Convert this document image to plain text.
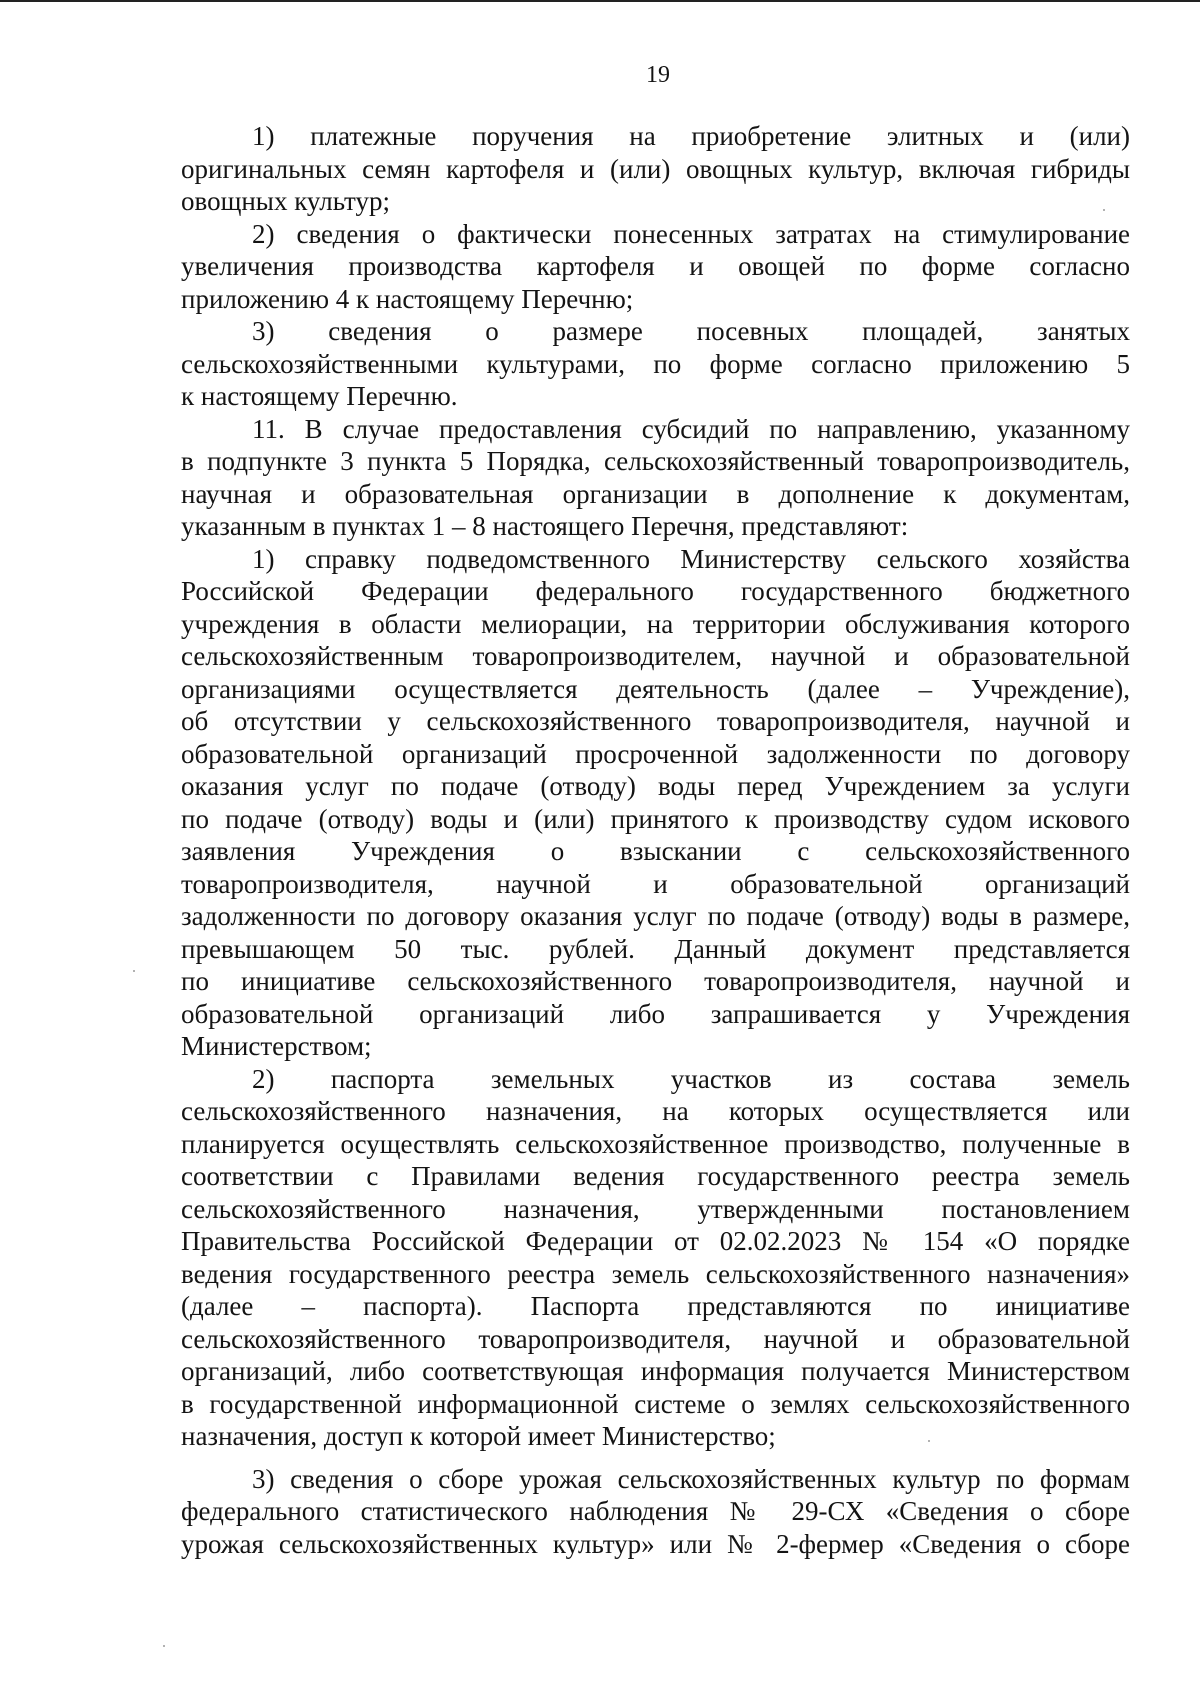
19
1) платежные поручения на приобретение элитных и (или)
оригинальных семян картофеля и (или) овощных культур, включая гибриды
овощных культур;
2) сведения о фактически понесенных затратах на стимулирование
увеличения производства картофеля и овощей по форме согласно
приложению 4 к настоящему Перечню;
3) сведения о размере посевных площадей, занятых
сельскохозяйственными культурами, по форме согласно приложению 5
к настоящему Перечню.
11. В случае предоставления субсидий по направлению, указанному
в подпункте 3 пункта 5 Порядка, сельскохозяйственный товаропроизводитель,
научная и образовательная организации в дополнение к документам,
указанным в пунктах 1 – 8 настоящего Перечня, представляют:
1) справку подведомственного Министерству сельского хозяйства
Российской Федерации федерального государственного бюджетного
учреждения в области мелиорации, на территории обслуживания которого
сельскохозяйственным товаропроизводителем, научной и образовательной
организациями осуществляется деятельность (далее – Учреждение),
об отсутствии у сельскохозяйственного товаропроизводителя, научной и
образовательной организаций просроченной задолженности по договору
оказания услуг по подаче (отводу) воды перед Учреждением за услуги
по подаче (отводу) воды и (или) принятого к производству судом искового
заявления Учреждения о взыскании с сельскохозяйственного
товаропроизводителя, научной и образовательной организаций
задолженности по договору оказания услуг по подаче (отводу) воды в размере,
превышающем 50 тыс. рублей. Данный документ представляется
по инициативе сельскохозяйственного товаропроизводителя, научной и
образовательной организаций либо запрашивается у Учреждения
Министерством;
2) паспорта земельных участков из состава земель
сельскохозяйственного назначения, на которых осуществляется или
планируется осуществлять сельскохозяйственное производство, полученные в
соответствии с Правилами ведения государственного реестра земель
сельскохозяйственного назначения, утвержденными постановлением
Правительства Российской Федерации от 02.02.2023 № 154 «О порядке
ведения государственного реестра земель сельскохозяйственного назначения»
(далее – паспорта). Паспорта представляются по инициативе
сельскохозяйственного товаропроизводителя, научной и образовательной
организаций, либо соответствующая информация получается Министерством
в государственной информационной системе о землях сельскохозяйственного
назначения, доступ к которой имеет Министерство;
3) сведения о сборе урожая сельскохозяйственных культур по формам
федерального статистического наблюдения № 29-СХ «Сведения о сборе
урожая сельскохозяйственных культур» или № 2-фермер «Сведения о сборе
